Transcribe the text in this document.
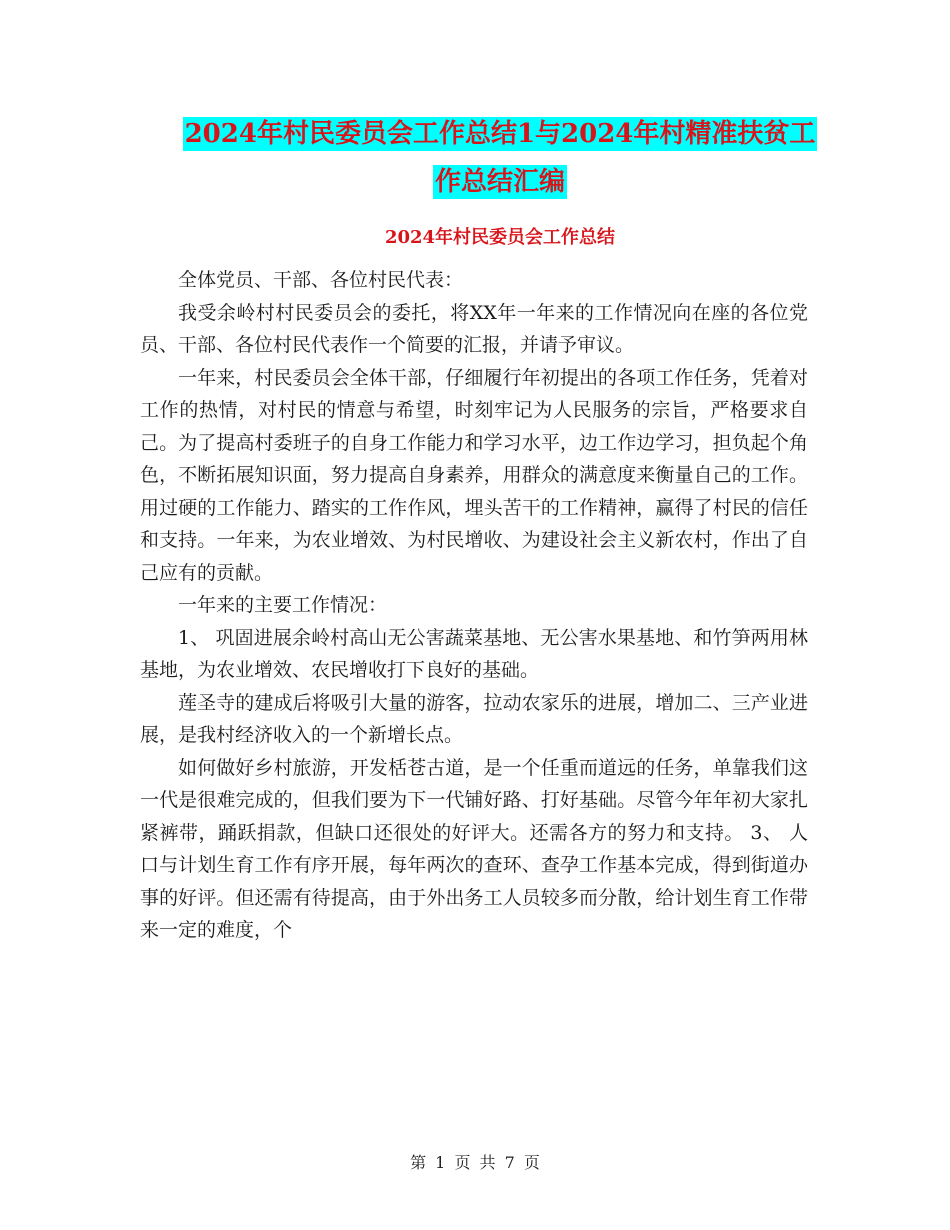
2024年村民委员会工作总结1与2024年村精准扶贫工
作总结汇编
2024年村民委员会工作总结

全体党员、干部、各位村民代表：

我受余岭村村民委员会的委托，将XX年一年来的工作情况向在座的各位党员、干部、各位村民代表作一个简要的汇报，并请予审议。

一年来，村民委员会全体干部，仔细履行年初提出的各项工作任务，凭着对工作的热情，对村民的情意与希望，时刻牢记为人民服务的宗旨，严格要求自己。为了提高村委班子的自身工作能力和学习水平，边工作边学习，担负起个角色，不断拓展知识面，努力提高自身素养，用群众的满意度来衡量自己的工作。用过硬的工作能力、踏实的工作作风，埋头苦干的工作精神，赢得了村民的信任和支持。一年来，为农业增效、为村民增收、为建设社会主义新农村，作出了自己应有的贡献。

一年来的主要工作情况：

1、 巩固进展余岭村高山无公害蔬菜基地、无公害水果基地、和竹笋两用林基地，为农业增效、农民增收打下良好的基础。

莲圣寺的建成后将吸引大量的游客，拉动农家乐的进展，增加二、三产业进展，是我村经济收入的一个新增长点。

如何做好乡村旅游，开发栝苍古道，是一个任重而道远的任务，单靠我们这一代是很难完成的，但我们要为下一代铺好路、打好基础。尽管今年年初大家扎紧裤带，踊跃捐款，但缺口还很处的好评大。还需各方的努力和支持。 3、 人口与计划生育工作有序开展，每年两次的查环、查孕工作基本完成，得到街道办事的好评。但还需有待提高，由于外出务工人员较多而分散，给计划生育工作带来一定的难度，个

第 1 页 共 7 页
